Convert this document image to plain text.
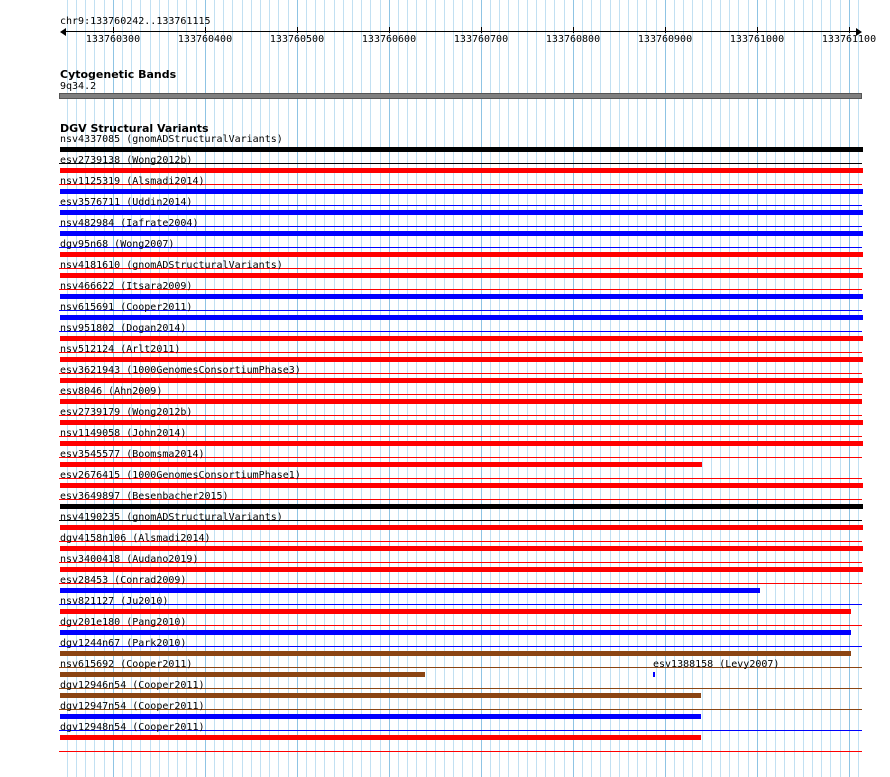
chr9:133760242..133761115
133760300	133760400	133760500	133760600	133760700	133760800	133760900	133761000	133761100
Cytogenetic Bands
9q34.2
DGV Structural Variants
nsv4337085 (gnomADStructuralVariants)
esv2739138 (Wong2012b)
nsv1125319 (Alsmadi2014)
esv3576711 (Uddin2014)
nsv482984 (Iafrate2004)
dgv95n68 (Wong2007)
nsv4181610 (gnomADStructuralVariants)
nsv466622 (Itsara2009)
nsv615691 (Cooper2011)
nsv951802 (Dogan2014)
nsv512124 (Arlt2011)
esv3621943 (1000GenomesConsortiumPhase3)
esv8046 (Ahn2009)
esv2739179 (Wong2012b)
nsv1149058 (John2014)
esv3545577 (Boomsma2014)
esv2676415 (1000GenomesConsortiumPhase1)
esv3649897 (Besenbacher2015)
nsv4190235 (gnomADStructuralVariants)
dgv4158n106 (Alsmadi2014)
nsv3400418 (Audano2019)
esv28453 (Conrad2009)
nsv821127 (Ju2010)
dgv201e180 (Pang2010)
dgv1244n67 (Park2010)
nsv615692 (Cooper2011)	esv1388158 (Levy2007)
dgv12946n54 (Cooper2011)
dgv12947n54 (Cooper2011)
dgv12948n54 (Cooper2011)
